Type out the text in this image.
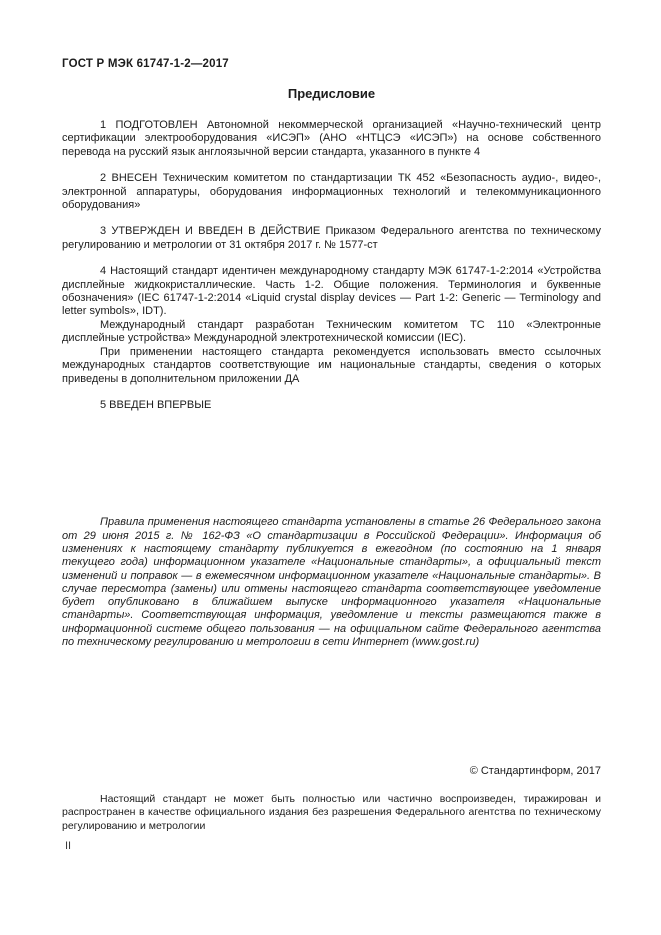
ГОСТ Р МЭК 61747-1-2—2017
Предисловие

1 ПОДГОТОВЛЕН Автономной некоммерческой организацией «Научно-технический центр сертификации электрооборудования «ИСЭП» (АНО «НТЦСЭ «ИСЭП») на основе собственного перевода на русский язык англоязычной версии стандарта, указанного в пункте 4

2 ВНЕСЕН Техническим комитетом по стандартизации ТК 452 «Безопасность аудио-, видео-, электронной аппаратуры, оборудования информационных технологий и телекоммуникационного оборудования»

3 УТВЕРЖДЕН И ВВЕДЕН В ДЕЙСТВИЕ Приказом Федерального агентства по техническому регулированию и метрологии от 31 октября 2017 г. № 1577-ст

4 Настоящий стандарт идентичен международному стандарту МЭК 61747-1-2:2014 «Устройства дисплейные жидкокристаллические. Часть 1-2. Общие положения. Терминология и буквенные обозначения» (IEC 61747-1-2:2014 «Liquid crystal display devices — Part 1-2: Generic — Terminology and letter symbols», IDT).

Международный стандарт разработан Техническим комитетом ТС 110 «Электронные дисплейные устройства» Международной электротехнической комиссии (IEC).

При применении настоящего стандарта рекомендуется использовать вместо ссылочных международных стандартов соответствующие им национальные стандарты, сведения о которых приведены в дополнительном приложении ДА

5 ВВЕДЕН ВПЕРВЫЕ

Правила применения настоящего стандарта установлены в статье 26 Федерального закона от 29 июня 2015 г. № 162-ФЗ «О стандартизации в Российской Федерации». Информация об изменениях к настоящему стандарту публикуется в ежегодном (по состоянию на 1 января текущего года) информационном указателе «Национальные стандарты», а официальный текст изменений и поправок — в ежемесячном информационном указателе «Национальные стандарты». В случае пересмотра (замены) или отмены настоящего стандарта соответствующее уведомление будет опубликовано в ближайшем выпуске информационного указателя «Национальные стандарты». Соответствующая информация, уведомление и тексты размещаются также в информационной системе общего пользования — на официальном сайте Федерального агентства по техническому регулированию и метрологии в сети Интернет (www.gost.ru)

© Стандартинформ, 2017

Настоящий стандарт не может быть полностью или частично воспроизведен, тиражирован и распространен в качестве официального издания без разрешения Федерального агентства по техническому регулированию и метрологии

II
